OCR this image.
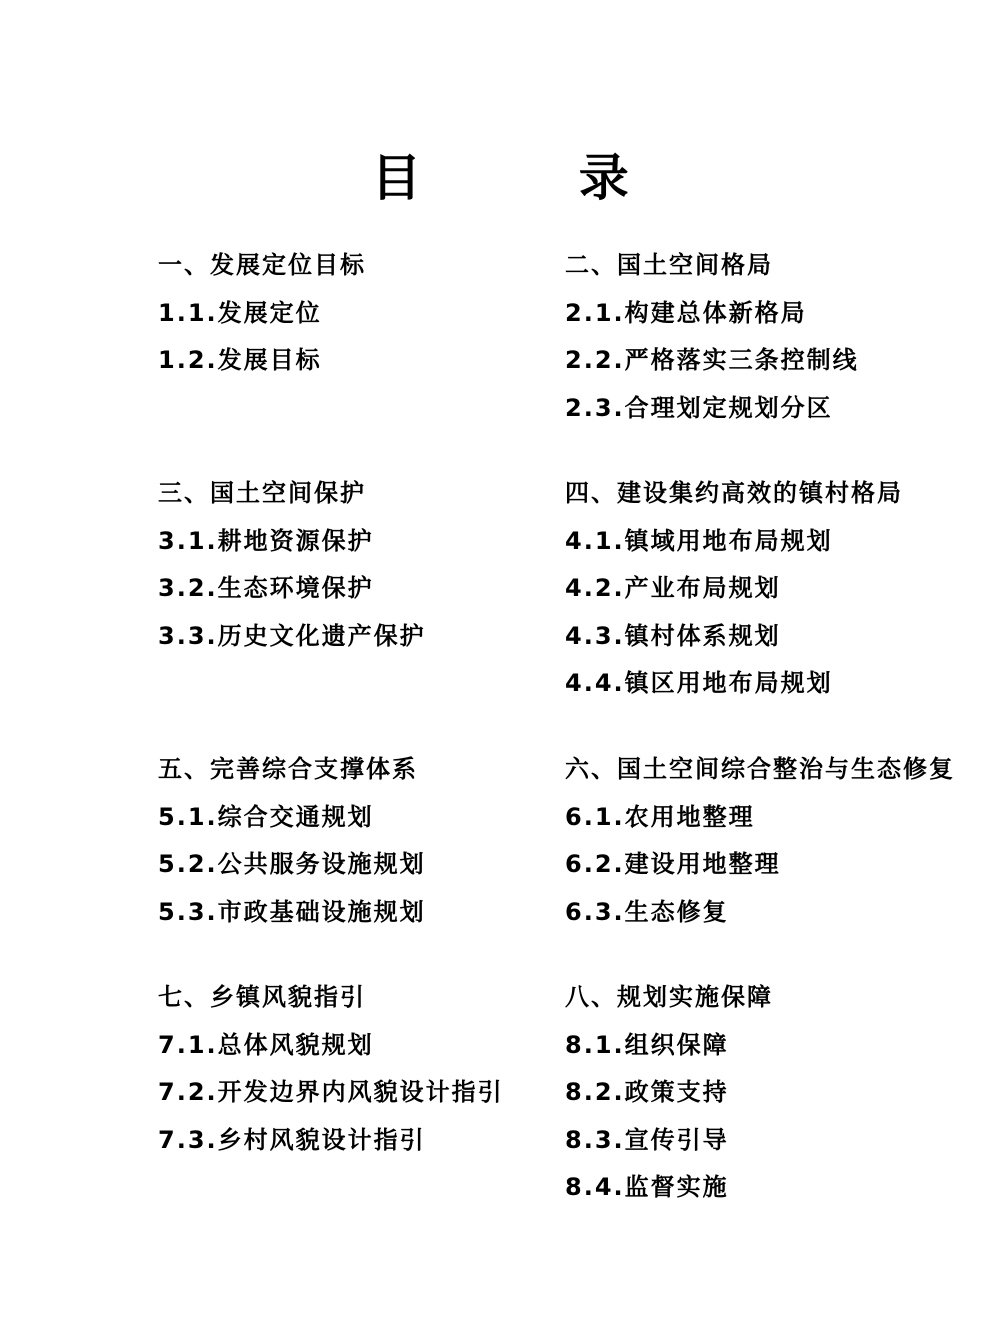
目 录
一、发展定位目标
1.1.发展定位
1.2.发展目标
二、国土空间格局
2.1.构建总体新格局
2.2.严格落实三条控制线
2.3.合理划定规划分区
三、国土空间保护
3.1.耕地资源保护
3.2.生态环境保护
3.3.历史文化遗产保护
四、建设集约高效的镇村格局
4.1.镇域用地布局规划
4.2.产业布局规划
4.3.镇村体系规划
4.4.镇区用地布局规划
五、完善综合支撑体系
5.1.综合交通规划
5.2.公共服务设施规划
5.3.市政基础设施规划
六、国土空间综合整治与生态修复
6.1.农用地整理
6.2.建设用地整理
6.3.生态修复
七、乡镇风貌指引
7.1.总体风貌规划
7.2.开发边界内风貌设计指引
7.3.乡村风貌设计指引
八、规划实施保障
8.1.组织保障
8.2.政策支持
8.3.宣传引导
8.4.监督实施
